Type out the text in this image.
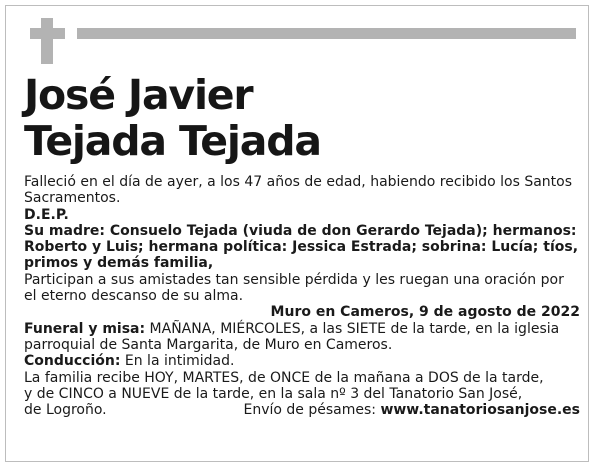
José Javier
Tejada Tejada

Falleció en el día de ayer, a los 47 años de edad, habiendo recibido los Santos Sacramentos.

D.E.P.

Su madre: Consuelo Tejada (viuda de don Gerardo Tejada); hermanos: Roberto y Luis; hermana política: Jessica Estrada; sobrina: Lucía; tíos, primos y demás familia,

Participan a sus amistades tan sensible pérdida y les ruegan una oración por el eterno descanso de su alma.

Muro en Cameros, 9 de agosto de 2022

Funeral y misa: MAÑANA, MIÉRCOLES, a las SIETE de la tarde, en la iglesia parroquial de Santa Margarita, de Muro en Cameros.

Conducción: En la intimidad.

La familia recibe HOY, MARTES, de ONCE de la mañana a DOS de la tarde,

y de CINCO a NUEVE de la tarde, en la sala nº 3 del Tanatorio San José,

de Logroño.	Envío de pésames: www.tanatoriosanjose.es
